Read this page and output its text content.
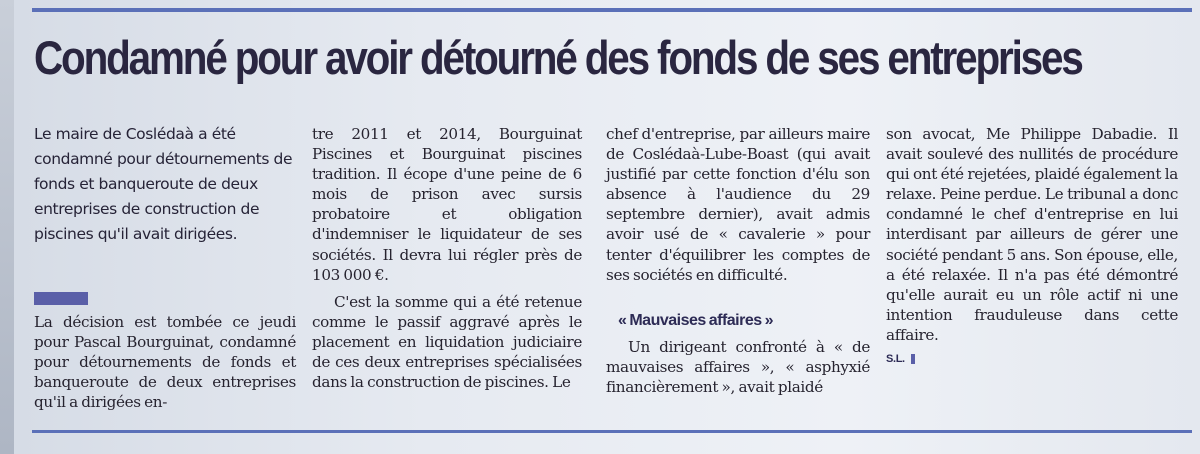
Condamné pour avoir détourné des fonds de ses entreprises

Le maire de Coslédaà a été condamné pour détournements de fonds et banqueroute de deux entreprises de construction de piscines qu'il avait dirigées.

La décision est tombée ce jeudi pour Pascal Bourguinat, condamné pour détournements de fonds et banqueroute de deux entreprises qu'il a dirigées en-

tre 2011 et 2014, Bourguinat Piscines et Bourguinat piscines tradition. Il écope d'une peine de 6 mois de prison avec sursis probatoire et obligation d'indemniser le liquidateur de ses sociétés. Il devra lui régler près de 103 000 €.

C'est la somme qui a été retenue comme le passif aggravé après le placement en liquidation judiciaire de ces deux entreprises spécialisées dans la construction de piscines. Le

chef d'entreprise, par ailleurs maire de Coslédaà-Lube-Boast (qui avait justifié par cette fonction d'élu son absence à l'audience du 29 septembre dernier), avait admis avoir usé de « cavalerie » pour tenter d'équilibrer les comptes de ses sociétés en difficulté.

« Mauvaises affaires »

Un dirigeant confronté à « de mauvaises affaires », « asphyxié financièrement », avait plaidé

son avocat, Me Philippe Dabadie. Il avait soulevé des nullités de procédure qui ont été rejetées, plaidé également la relaxe. Peine perdue. Le tribunal a donc condamné le chef d'entreprise en lui interdisant par ailleurs de gérer une société pendant 5 ans. Son épouse, elle, a été relaxée. Il n'a pas été démontré qu'elle aurait eu un rôle actif ni une intention frauduleuse dans cette affaire.

S.L.
